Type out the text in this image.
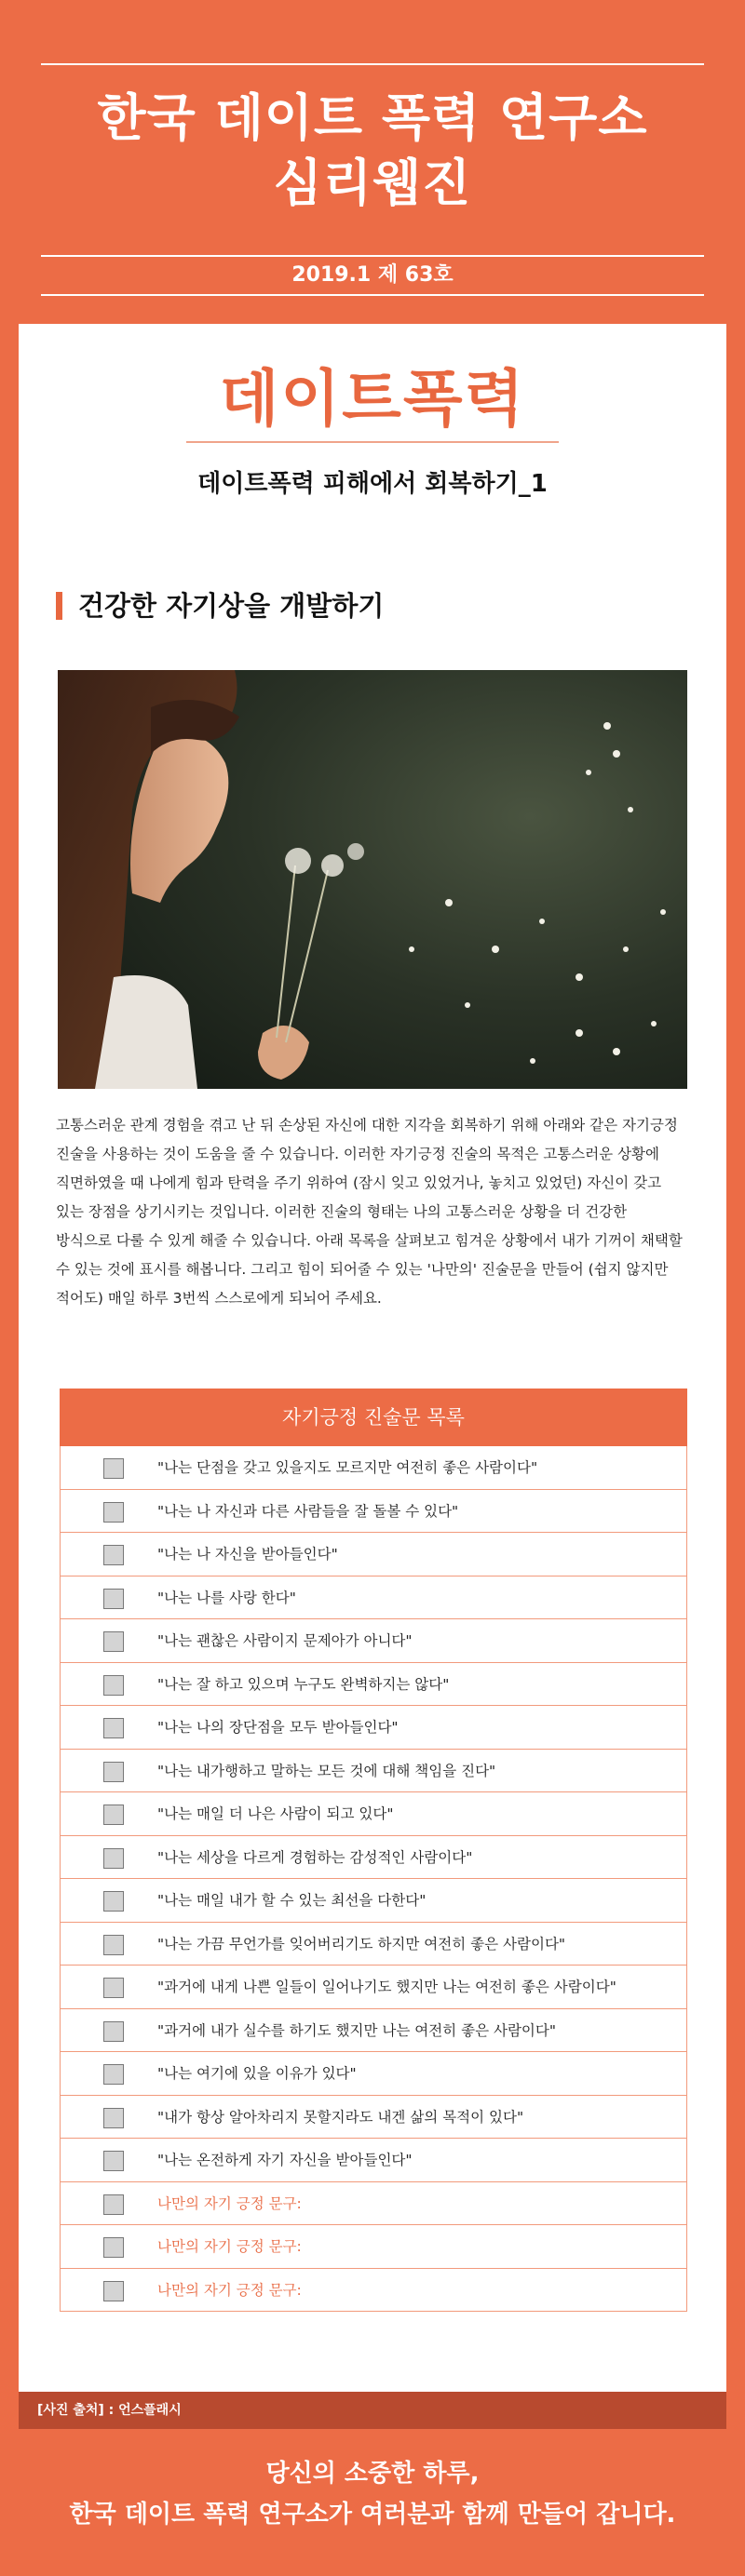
한국 데이트 폭력 연구소
심리웹진
2019.1 제 63호
데이트폭력
데이트폭력 피해에서 회복하기_1
건강한 자기상을 개발하기
고통스러운 관계 경험을 겪고 난 뒤 손상된 자신에 대한 지각을 회복하기 위해 아래와 같은 자기긍정
진술을 사용하는 것이 도움을 줄 수 있습니다. 이러한 자기긍정 진술의 목적은 고통스러운 상황에
직면하였을 때 나에게 힘과 탄력을 주기 위하여 (잠시 잊고 있었거나, 놓치고 있었던) 자신이 갖고
있는 장점을 상기시키는 것입니다. 이러한 진술의 형태는 나의 고통스러운 상황을 더 건강한
방식으로 다룰 수 있게 해줄 수 있습니다. 아래 목록을 살펴보고 힘겨운 상황에서 내가 기꺼이 채택할
수 있는 것에 표시를 해봅니다. 그리고 힘이 되어줄 수 있는 '나만의' 진술문을 만들어 (쉽지 않지만
적어도) 매일 하루 3번씩 스스로에게 되뇌어 주세요.
자기긍정 진술문 목록
"나는 단점을 갖고 있을지도 모르지만 여전히 좋은 사람이다"
"나는 나 자신과 다른 사람들을 잘 돌볼 수 있다"
"나는 나 자신을 받아들인다"
"나는 나를 사랑 한다"
"나는 괜찮은 사람이지 문제아가 아니다"
"나는 잘 하고 있으며 누구도 완벽하지는 않다"
"나는 나의 장단점을 모두 받아들인다"
"나는 내가행하고 말하는 모든 것에 대해 책임을 진다"
"나는 매일 더 나은 사람이 되고 있다"
"나는 세상을 다르게 경험하는 감성적인 사람이다"
"나는 매일 내가 할 수 있는 최선을 다한다"
"나는 가끔 무언가를 잊어버리기도 하지만 여전히 좋은 사람이다"
"과거에 내게 나쁜 일들이 일어나기도 했지만 나는 여전히 좋은 사람이다"
"과거에 내가 실수를 하기도 했지만 나는 여전히 좋은 사람이다"
"나는 여기에 있을 이유가 있다"
"내가 항상 알아차리지 못할지라도 내겐 삶의 목적이 있다"
"나는 온전하게 자기 자신을 받아들인다"
나만의 자기 긍정 문구:
나만의 자기 긍정 문구:
나만의 자기 긍정 문구:
[사진 출처] : 언스플래시
당신의 소중한 하루,
한국 데이트 폭력 연구소가 여러분과 함께 만들어 갑니다.
